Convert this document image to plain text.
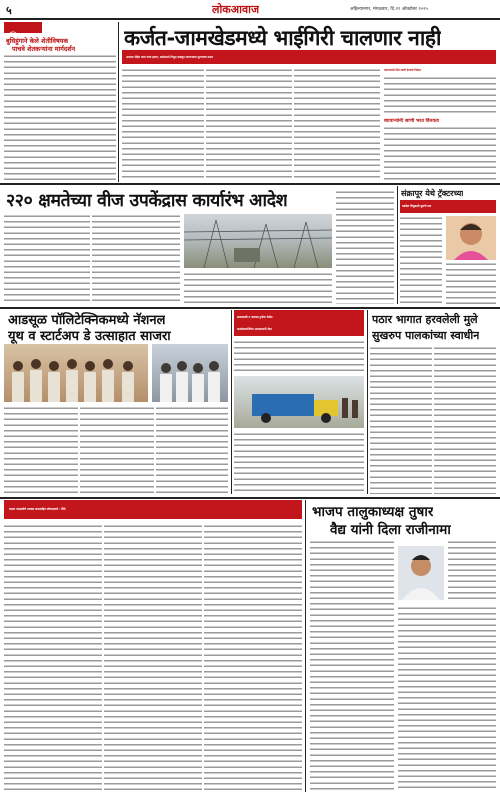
५	लोकआवाज	अहिल्यानगर, मंगळवार, दि.२१ ऑक्टोबर २०२५
संक्षिप्त...
बुधिहुंगाने केले शेतीविषयक
पाचवे शेतकऱ्यांना मार्गदर्शन कर्जत-जामखेडमध्ये भाईगिरी चालणार नाही
आमदार रोहित पवार यांचा इशारा, कर्जतमध्ये पित्तूल दाखवून व्यापाऱ्याला लुटण्याचा प्रयत्न
व्यापाऱ्यांनी दिले जाणी देण्याचे निवेदन
व्यापाऱ्यांनी जाणी भरत विनयता
२२० क्षमतेच्या वीज उपकेंद्रास कार्यारंभ आदेश	संक्रापूर येथे ट्रॅक्टरच्या
धडकेत चिमुकली मुलगी ठार
आडसूळ पॉलिटेक्निकमध्ये नॅशनल
यूथ व स्टार्टअप डे उत्साहात साजरा
काकडवाडी व नाडजळ दुर्गावर येथील
वात्सोत्सवानिमित्त आमदारांतर्फे टँकर
पठार भागात हरवलेली मुले
सुखरुप पालकांच्या स्वाधीन
मराठा पतसंस्थेचे उपक्रम समाजहित जोपासणारे : शिंदे	भाजप तालुकाध्यक्ष तुषार
वैद्य यांनी दिला राजीनामा
